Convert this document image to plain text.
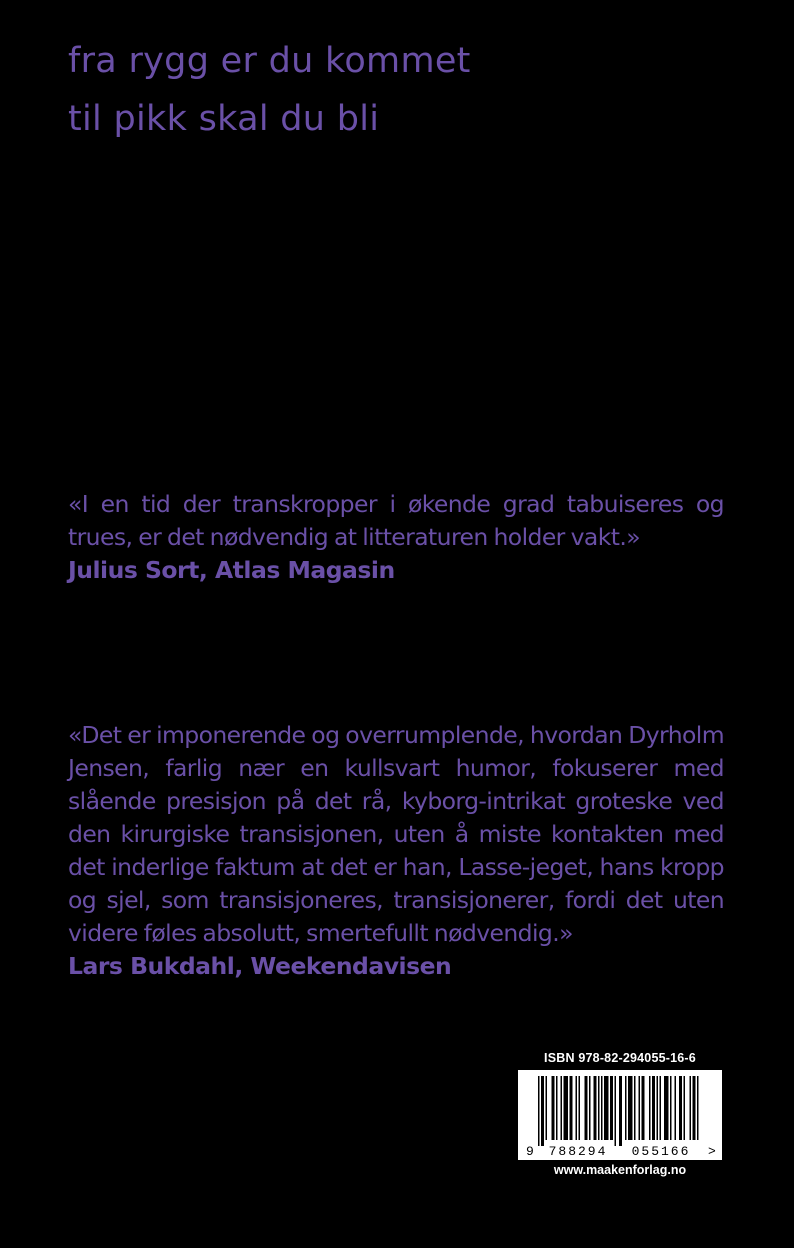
fra rygg er du kommet
til pikk skal du bli

«I en tid der transkropper i økende grad tabuiseres og trues, er det nødvendig at litteraturen holder vakt.»

Julius Sort, Atlas Magasin

«Det er imponerende og overrumplende, hvordan Dyrholm Jensen, farlig nær en kullsvart humor, fokuserer med slående presisjon på det rå, kyborg-intrikat groteske ved den kirurgiske transisjonen, uten å miste kontakten med det inderlige faktum at det er han, Lasse-jeget, hans kropp og sjel, som transisjoneres, transisjonerer, fordi det uten videre føles absolutt, smertefullt nødvendig.»

Lars Bukdahl, Weekendavisen
ISBN 978-82-294055-16-6
9 788294 055166 >
www.maakenforlag.no
